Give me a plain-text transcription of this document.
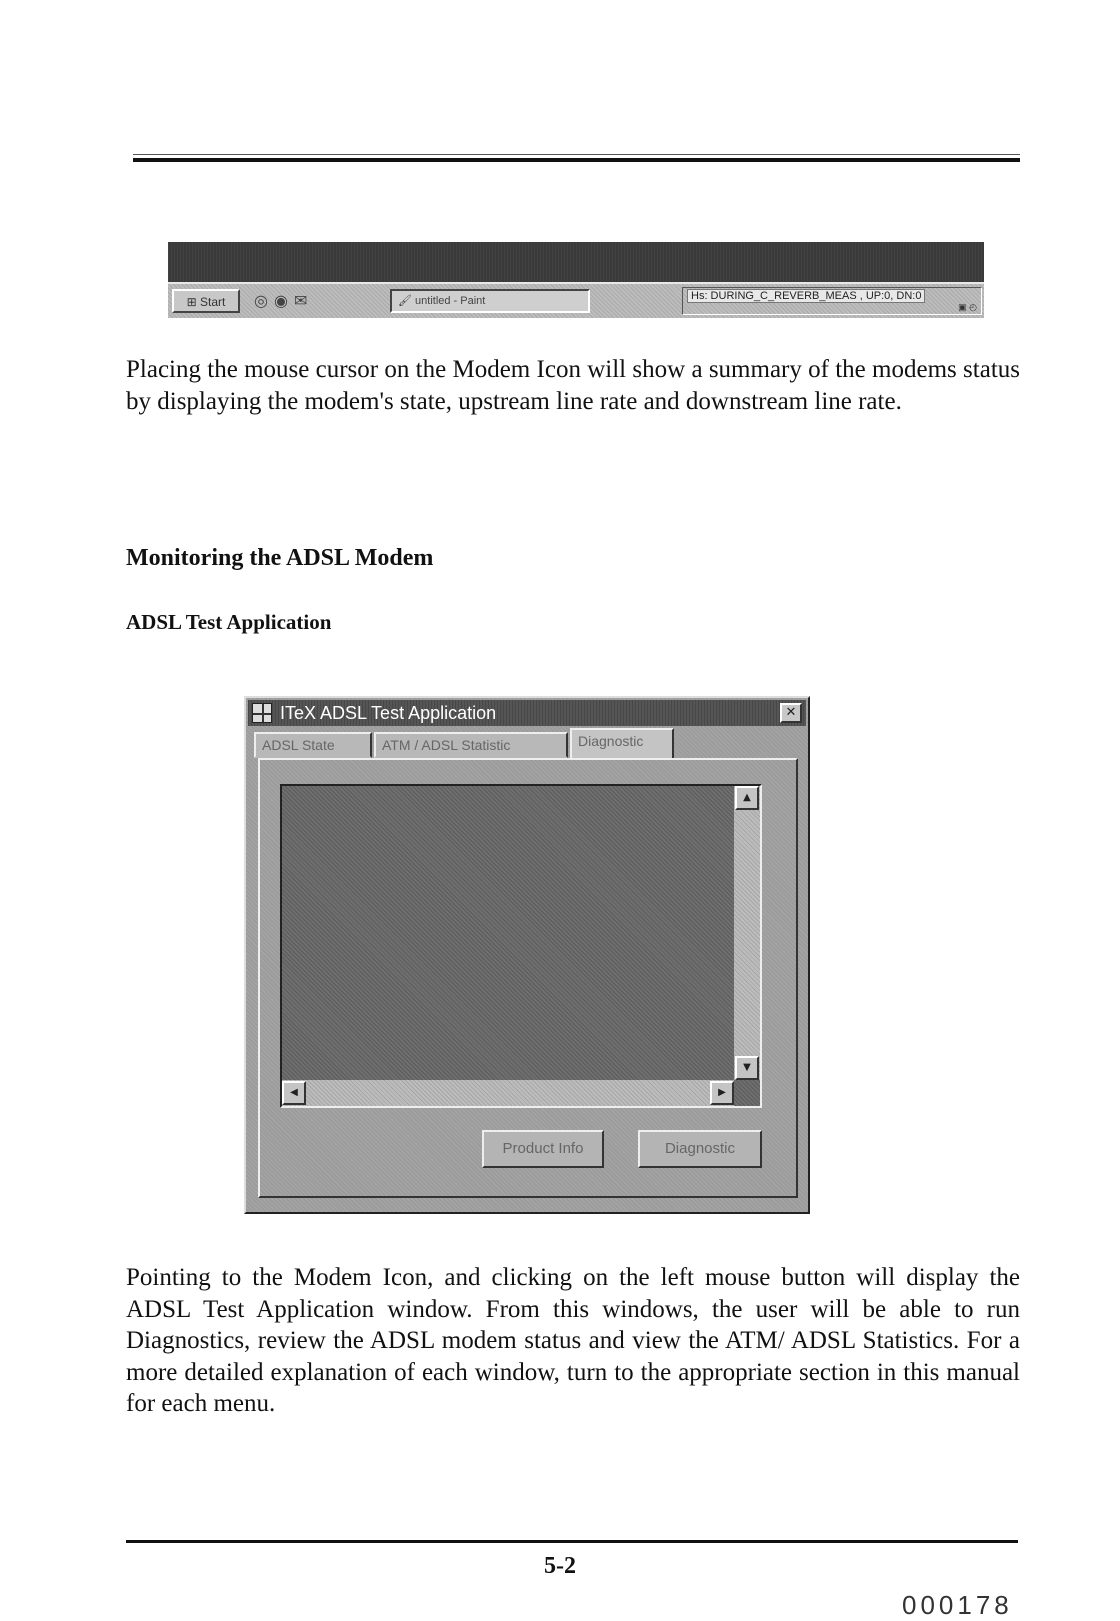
⊞ Start	◎◉✉	🖌 untitled - Paint	Hs: DURING_C_REVERB_MEAS , UP:0, DN:0
▣ ◴

Placing the mouse cursor on the Modem Icon will show a summary of the modems status by displaying the modem's state, upstream line rate and downstream line rate.

Monitoring the ADSL Modem
ADSL Test Application
ITeX ADSL Test Application	✕
ADSL State	ATM / ADSL Statistic	Diagnostic
▲
▼
◀	▶
Product Info	Diagnostic

Pointing to the Modem Icon, and clicking on the left mouse button will display the ADSL Test Application window. From this windows, the user will be able to run Diagnostics, review the ADSL modem status and view the ATM/ ADSL Statistics. For a more detailed explanation of each window, turn to the appropriate section in this manual for each menu.

5-2

000178
